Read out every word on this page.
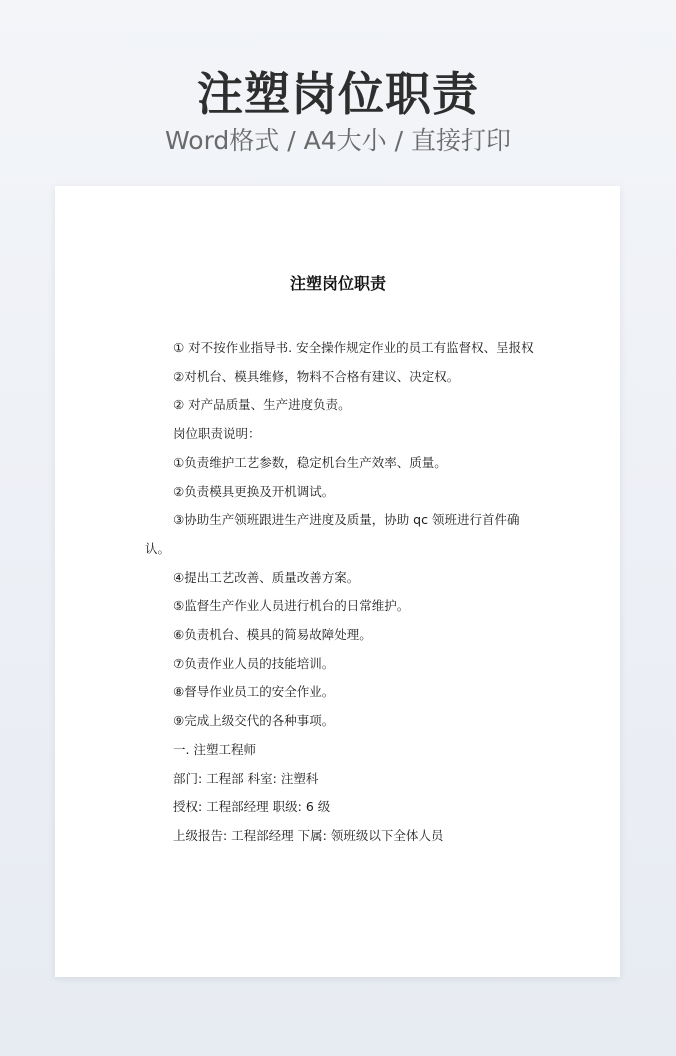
注塑岗位职责
Word格式 / A4大小 / 直接打印
注塑岗位职责

① 对不按作业指导书. 安全操作规定作业的员工有监督权、呈报权

②对机台、模具维修，物料不合格有建议、决定权。

② 对产品质量、生产进度负责。

岗位职责说明：

①负责维护工艺参数，稳定机台生产效率、质量。

②负责模具更换及开机调试。

③协助生产领班跟进生产进度及质量，协助 qc 领班进行首件确认。

④提出工艺改善、质量改善方案。

⑤监督生产作业人员进行机台的日常维护。

⑥负责机台、模具的简易故障处理。

⑦负责作业人员的技能培训。

⑧督导作业员工的安全作业。

⑨完成上级交代的各种事项。

一. 注塑工程师

部门: 工程部 科室: 注塑科

授权: 工程部经理 职级: 6 级

上级报告: 工程部经理 下属: 领班级以下全体人员
